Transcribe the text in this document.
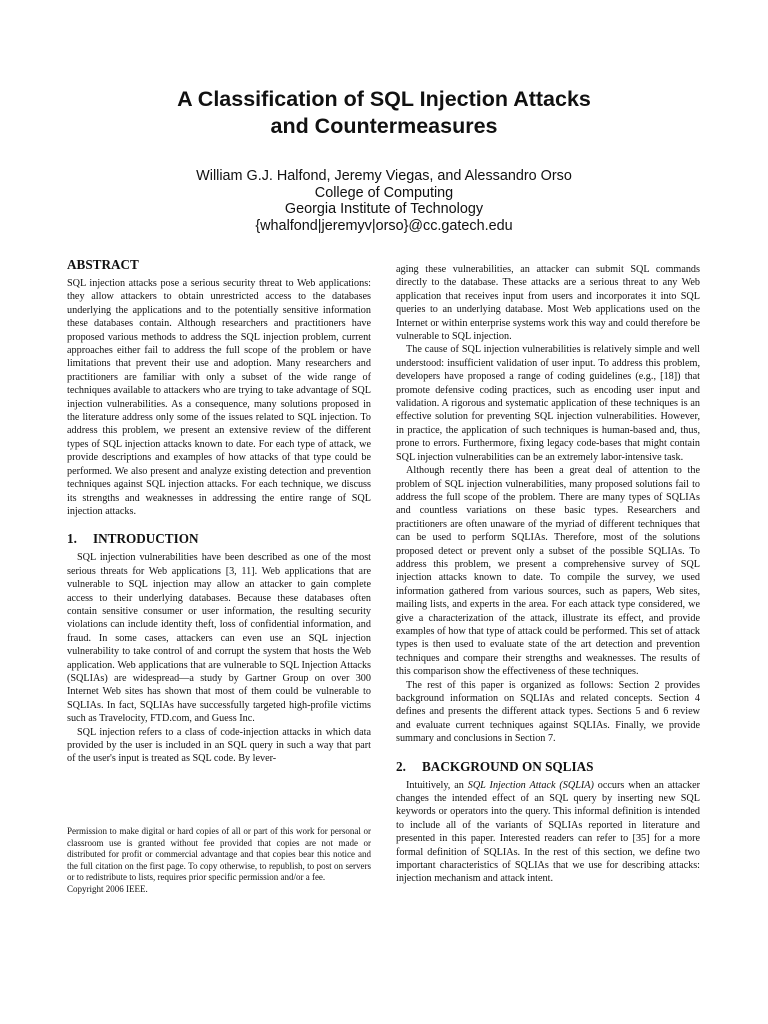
A Classification of SQL Injection Attacks
and Countermeasures
William G.J. Halfond, Jeremy Viegas, and Alessandro Orso
College of Computing
Georgia Institute of Technology
{whalfond|jeremyv|orso}@cc.gatech.edu
ABSTRACT

SQL injection attacks pose a serious security threat to Web applications: they allow attackers to obtain unrestricted access to the databases underlying the applications and to the potentially sensitive information these databases contain. Although researchers and practitioners have proposed various methods to address the SQL injection problem, current approaches either fail to address the full scope of the problem or have limitations that prevent their use and adoption. Many researchers and practitioners are familiar with only a subset of the wide range of techniques available to attackers who are trying to take advantage of SQL injection vulnerabilities. As a consequence, many solutions proposed in the literature address only some of the issues related to SQL injection. To address this problem, we present an extensive review of the different types of SQL injection attacks known to date. For each type of attack, we provide descriptions and examples of how attacks of that type could be performed. We also present and analyze existing detection and prevention techniques against SQL injection attacks. For each technique, we discuss its strengths and weaknesses in addressing the entire range of SQL injection attacks.

1. INTRODUCTION

SQL injection vulnerabilities have been described as one of the most serious threats for Web applications [3, 11]. Web applications that are vulnerable to SQL injection may allow an attacker to gain complete access to their underlying databases. Because these databases often contain sensitive consumer or user information, the resulting security violations can include identity theft, loss of confidential information, and fraud. In some cases, attackers can even use an SQL injection vulnerability to take control of and corrupt the system that hosts the Web application. Web applications that are vulnerable to SQL Injection Attacks (SQLIAs) are widespread—a study by Gartner Group on over 300 Internet Web sites has shown that most of them could be vulnerable to SQLIAs. In fact, SQLIAs have successfully targeted high-profile victims such as Travelocity, FTD.com, and Guess Inc.

SQL injection refers to a class of code-injection attacks in which data provided by the user is included in an SQL query in such a way that part of the user's input is treated as SQL code. By lever-

Permission to make digital or hard copies of all or part of this work for personal or classroom use is granted without fee provided that copies are not made or distributed for profit or commercial advantage and that copies bear this notice and the full citation on the first page. To copy otherwise, to republish, to post on servers or to redistribute to lists, requires prior specific permission and/or a fee.

Copyright 2006 IEEE.

aging these vulnerabilities, an attacker can submit SQL commands directly to the database. These attacks are a serious threat to any Web application that receives input from users and incorporates it into SQL queries to an underlying database. Most Web applications used on the Internet or within enterprise systems work this way and could therefore be vulnerable to SQL injection.

The cause of SQL injection vulnerabilities is relatively simple and well understood: insufficient validation of user input. To address this problem, developers have proposed a range of coding guidelines (e.g., [18]) that promote defensive coding practices, such as encoding user input and validation. A rigorous and systematic application of these techniques is an effective solution for preventing SQL injection vulnerabilities. However, in practice, the application of such techniques is human-based and, thus, prone to errors. Furthermore, fixing legacy code-bases that might contain SQL injection vulnerabilities can be an extremely labor-intensive task.

Although recently there has been a great deal of attention to the problem of SQL injection vulnerabilities, many proposed solutions fail to address the full scope of the problem. There are many types of SQLIAs and countless variations on these basic types. Researchers and practitioners are often unaware of the myriad of different techniques that can be used to perform SQLIAs. Therefore, most of the solutions proposed detect or prevent only a subset of the possible SQLIAs. To address this problem, we present a comprehensive survey of SQL injection attacks known to date. To compile the survey, we used information gathered from various sources, such as papers, Web sites, mailing lists, and experts in the area. For each attack type considered, we give a characterization of the attack, illustrate its effect, and provide examples of how that type of attack could be performed. This set of attack types is then used to evaluate state of the art detection and prevention techniques and compare their strengths and weaknesses. The results of this comparison show the effectiveness of these techniques.

The rest of this paper is organized as follows: Section 2 provides background information on SQLIAs and related concepts. Section 4 defines and presents the different attack types. Sections 5 and 6 review and evaluate current techniques against SQLIAs. Finally, we provide summary and conclusions in Section 7.

2. BACKGROUND ON SQLIAS

Intuitively, an SQL Injection Attack (SQLIA) occurs when an attacker changes the intended effect of an SQL query by inserting new SQL keywords or operators into the query. This informal definition is intended to include all of the variants of SQLIAs reported in literature and presented in this paper. Interested readers can refer to [35] for a more formal definition of SQLIAs. In the rest of this section, we define two important characteristics of SQLIAs that we use for describing attacks: injection mechanism and attack intent.
